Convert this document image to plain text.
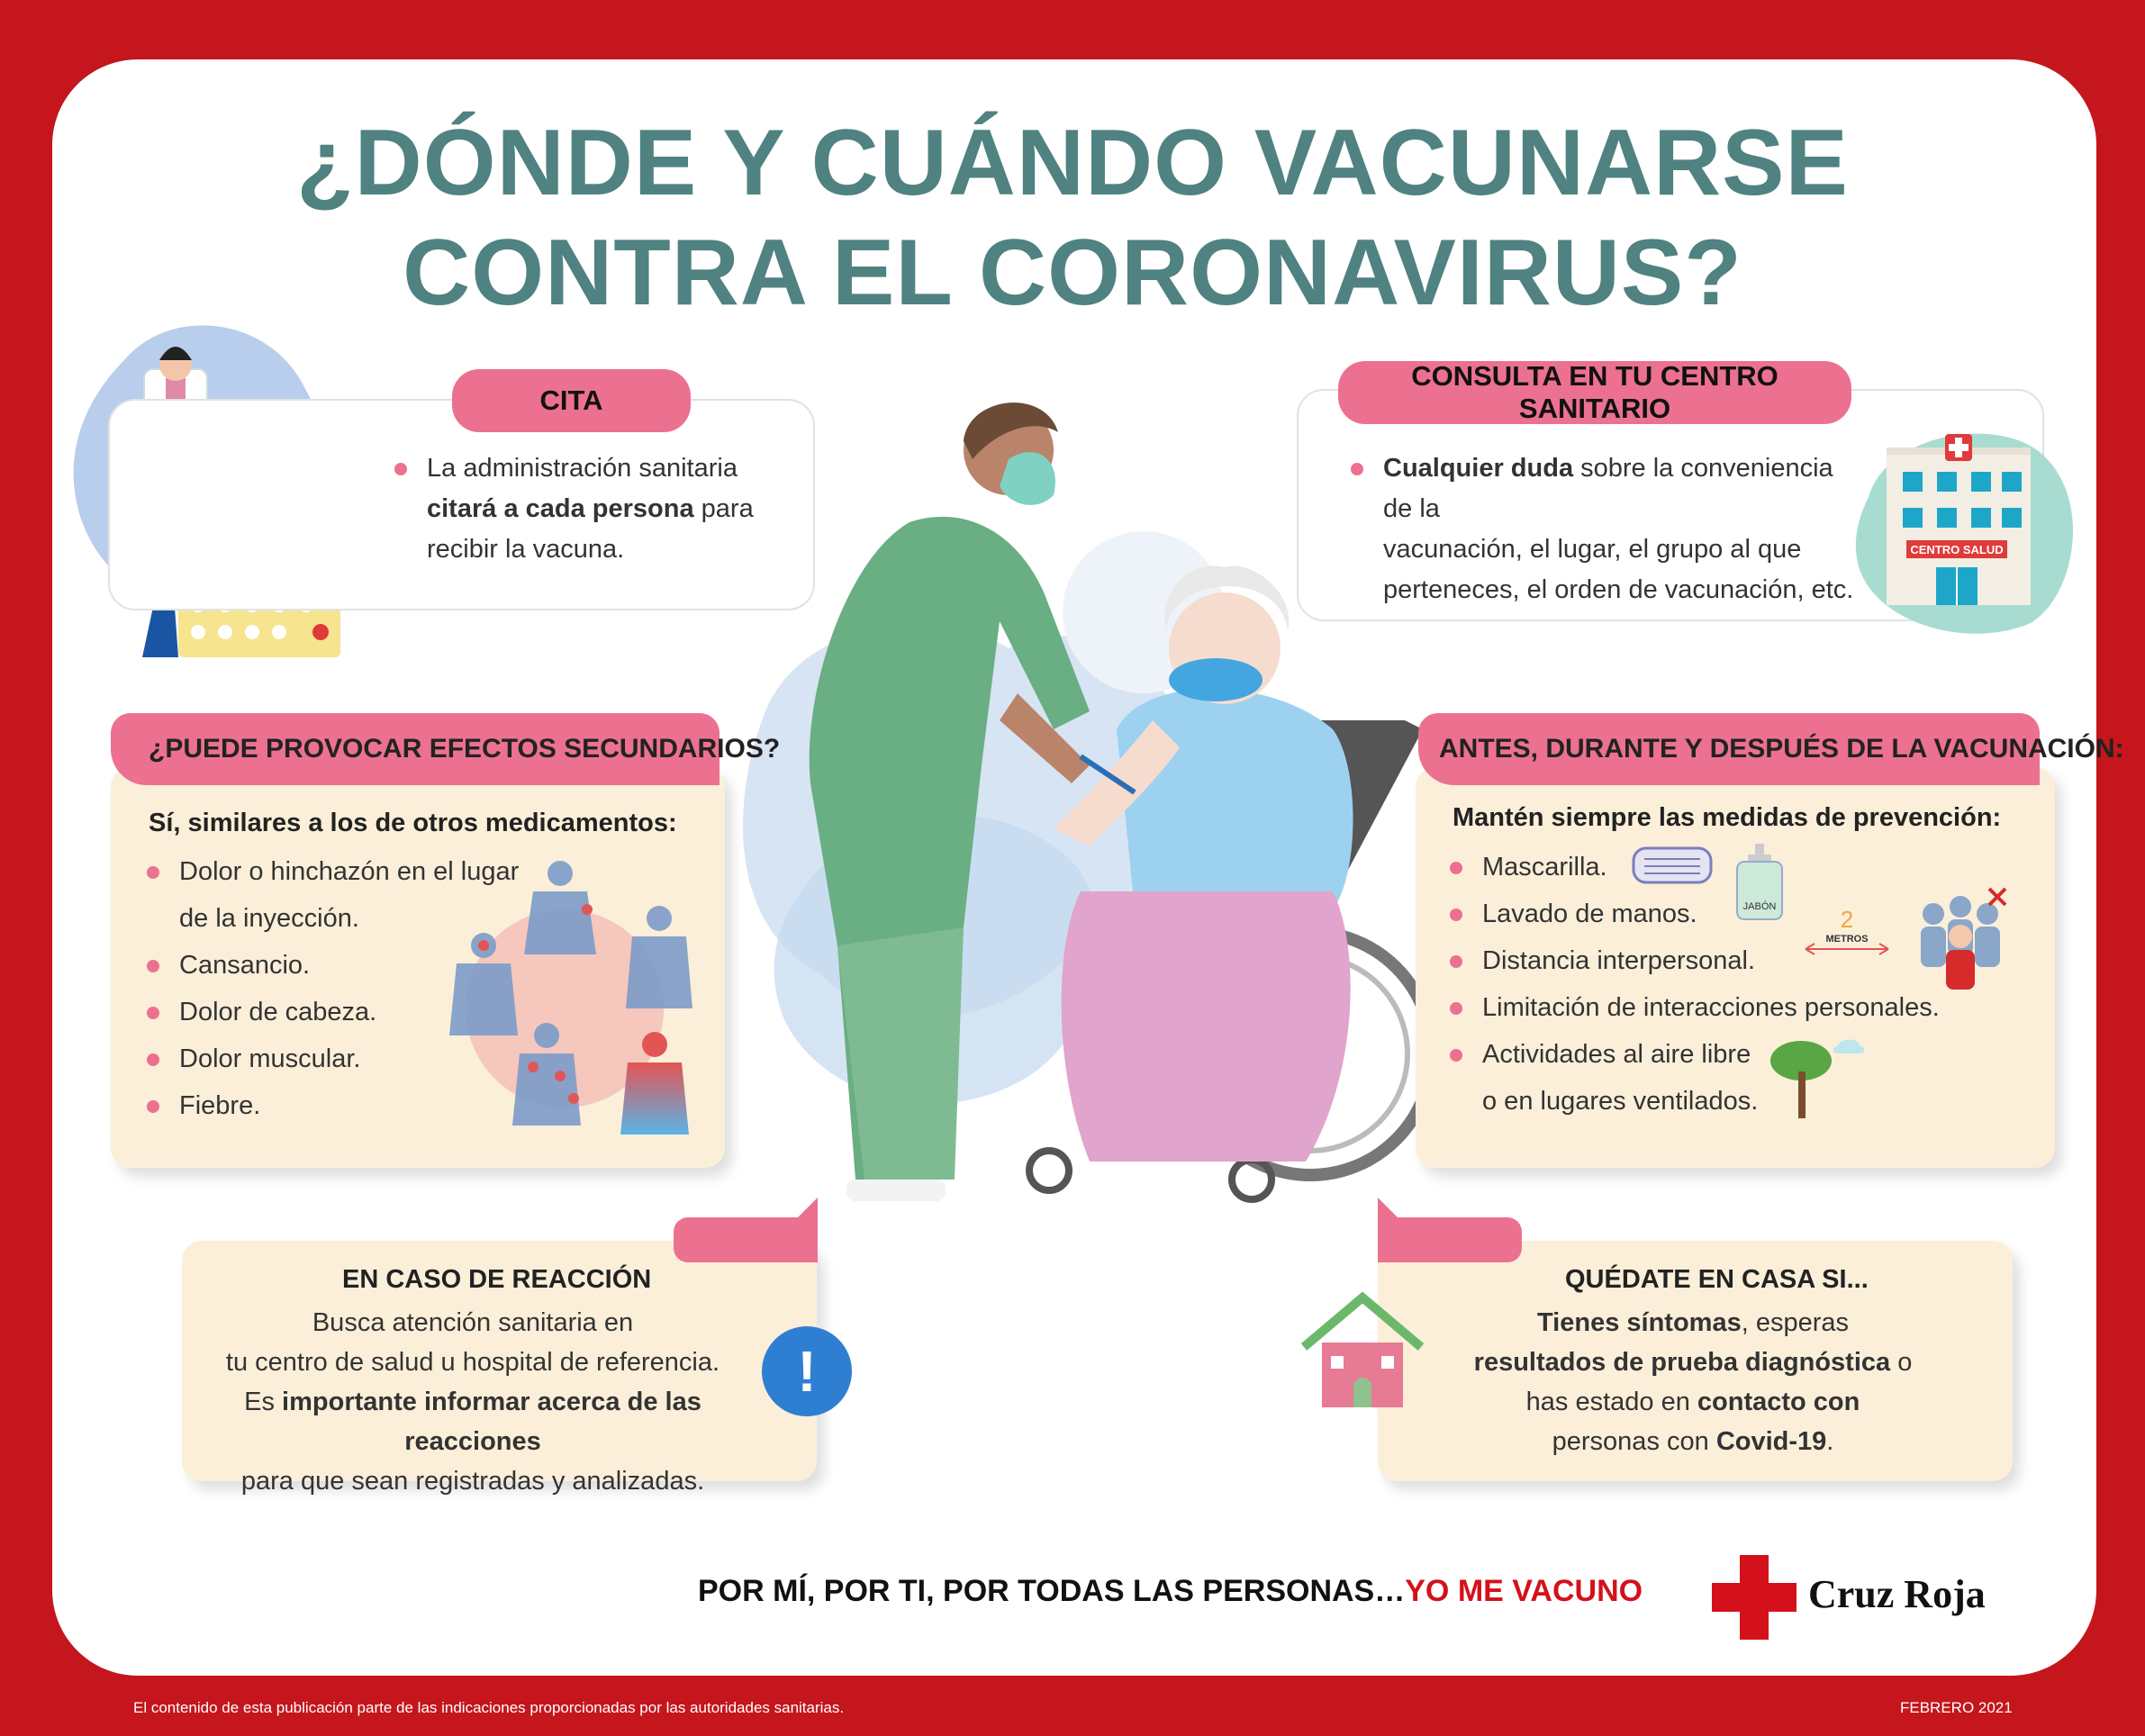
¿DÓNDE Y CUÁNDO VACUNARSE
CONTRA EL CORONAVIRUS?
CITA
La administración sanitaria
citará a cada persona para
recibir la vacuna.
CONSULTA EN TU CENTRO SANITARIO
Cualquier duda sobre la conveniencia de la
vacunación, el lugar, el grupo al que
perteneces, el orden de vacunación, etc.
CENTRO SALUD
¿PUEDE PROVOCAR EFECTOS SECUNDARIOS?
Sí, similares a los de otros medicamentos:
Dolor o hinchazón en el lugar
de la inyección.
Cansancio.
Dolor de cabeza.
Dolor muscular.
Fiebre.
ANTES, DURANTE Y DESPUÉS DE LA VACUNACIÓN:
Mantén siempre las medidas de prevención:
Mascarilla.
Lavado de manos.
Distancia interpersonal.
Limitación de interacciones personales.
Actividades al aire libre
o en lugares ventilados.
JABÓN	2
METROS
EN CASO DE REACCIÓN
Busca atención sanitaria en
tu centro de salud u hospital de referencia.
Es importante informar acerca de las reacciones
para que sean registradas y analizadas.
!
QUÉDATE EN CASA SI...
Tienes síntomas, esperas
resultados de prueba diagnóstica o
has estado en contacto con
personas con Covid-19.
POR MÍ, POR TI, POR TODAS LAS PERSONAS…YO ME VACUNO	Cruz Roja
El contenido de esta publicación parte de las indicaciones proporcionadas por las autoridades sanitarias.	FEBRERO 2021
